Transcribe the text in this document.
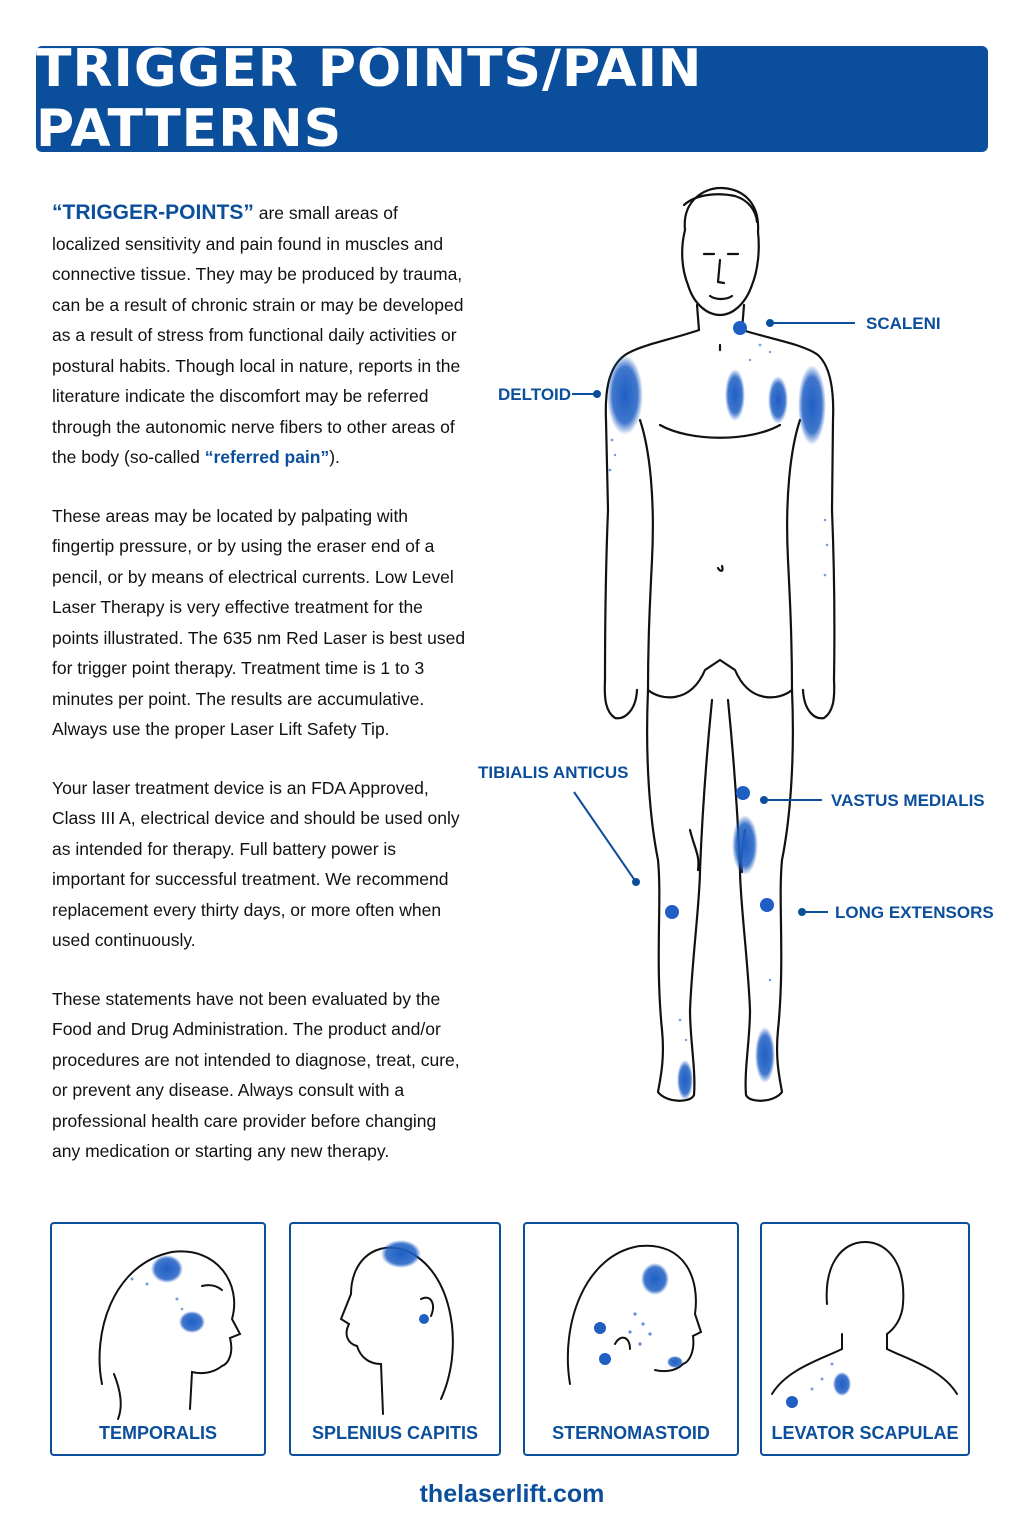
TRIGGER POINTS/PAIN PATTERNS

“TRIGGER-POINTS” are small areas of localized sensitivity and pain found in muscles and connective tissue. They may be produced by trauma, can be a result of chronic strain or may be developed as a result of stress from functional daily activities or postural habits. Though local in nature, reports in the literature indicate the discomfort may be referred through the autonomic nerve fibers to other areas of the body (so-called “referred pain”).

These areas may be located by palpating with fingertip pressure, or by using the eraser end of a pencil, or by means of electrical currents. Low Level Laser Therapy is very effective treatment for the points illustrated. The 635 nm Red Laser is best used for trigger point therapy. Treatment time is 1 to 3 minutes per point. The results are accumulative. Always use the proper Laser Lift Safety Tip.

Your laser treatment device is an FDA Approved, Class III A, electrical device and should be used only as intended for therapy. Full battery power is important for successful treatment. We recommend replacement every thirty days, or more often when used continuously.

These statements have not been evaluated by the Food and Drug Administration. The product and/or procedures are not intended to diagnose, treat, cure, or prevent any disease. Always consult with a professional health care provider before changing any medication or starting any new therapy.

SCALENI
DELTOID
TIBIALIS ANTICUS
VASTUS MEDIALIS
LONG EXTENSORS
TEMPORALIS	SPLENIUS CAPITIS	STERNOMASTOID	LEVATOR SCAPULAE
thelaserlift.com
